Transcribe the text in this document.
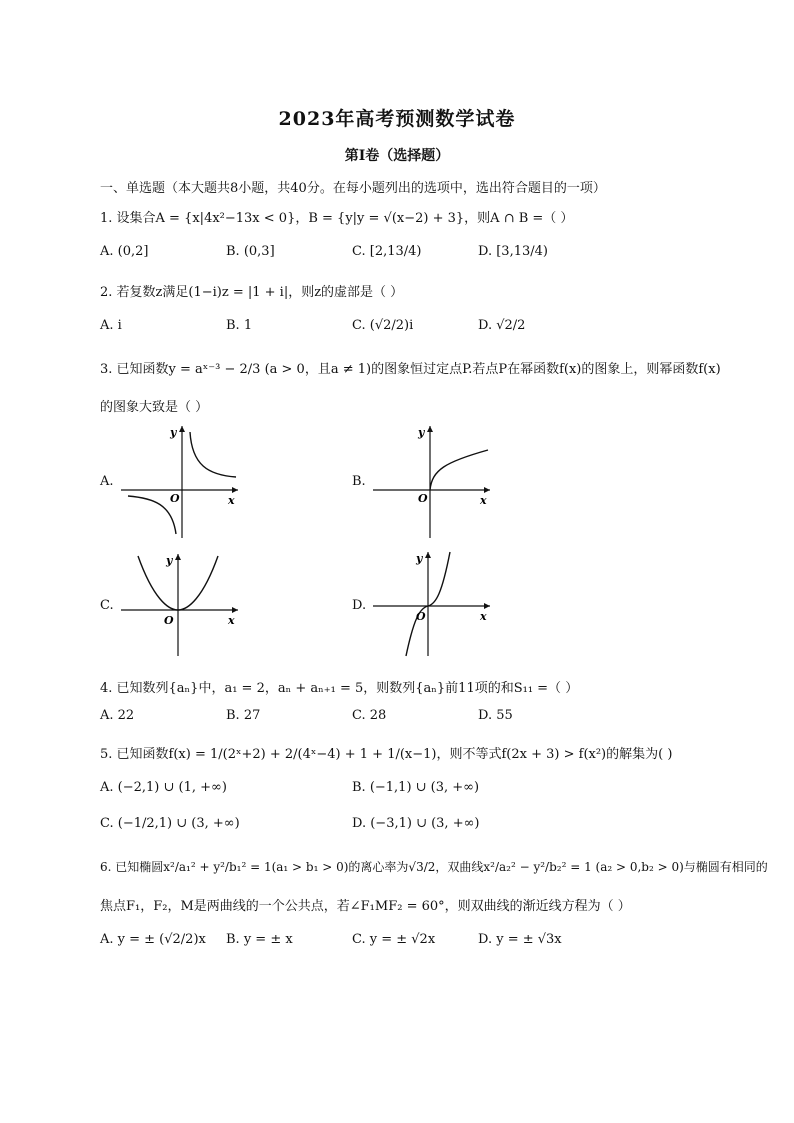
2023年高考预测数学试卷
第Ⅰ卷（选择题）
一、单选题（本大题共8小题，共40分。在每小题列出的选项中，选出符合题目的一项）
1. 设集合A = {x|4x²−13x < 0}，B = {y|y = √(x−2) + 3}，则A ∩ B =（ ）
A. (0,2]	B. (0,3]	C. [2,13/4)	D. [3,13/4)
2. 若复数z满足(1−i)z = |1 + i|，则z的虚部是（ ）
A. i	B. 1	C. (√2/2)i	D. √2/2
3. 已知函数y = aˣ⁻³ − 2/3 (a > 0，且a ≠ 1)的图象恒过定点P.若点P在幂函数f(x)的图象上，则幂函数f(x)
的图象大致是（ ）
A.	B.
C.	D.
y
x
O
y
x
O
y
x
O
y
x
O
4. 已知数列{aₙ}中，a₁ = 2，aₙ + aₙ₊₁ = 5，则数列{aₙ}前11项的和S₁₁ =（ ）
A. 22	B. 27	C. 28	D. 55
5. 已知函数f(x) = 1/(2ˣ+2) + 2/(4ˣ−4) + 1 + 1/(x−1)，则不等式f(2x + 3) > f(x²)的解集为( )
A. (−2,1) ∪ (1, +∞)	B. (−1,1) ∪ (3, +∞)
C. (−1/2,1) ∪ (3, +∞)	D. (−3,1) ∪ (3, +∞)
6. 已知椭圆x²/a₁² + y²/b₁² = 1(a₁ > b₁ > 0)的离心率为√3/2，双曲线x²/a₂² − y²/b₂² = 1 (a₂ > 0,b₂ > 0)与椭圆有相同的
焦点F₁，F₂，M是两曲线的一个公共点，若∠F₁MF₂ = 60°，则双曲线的渐近线方程为（ ）
A. y = ± (√2/2)x B. y = ± x	C. y = ± √2x	D. y = ± √3x
